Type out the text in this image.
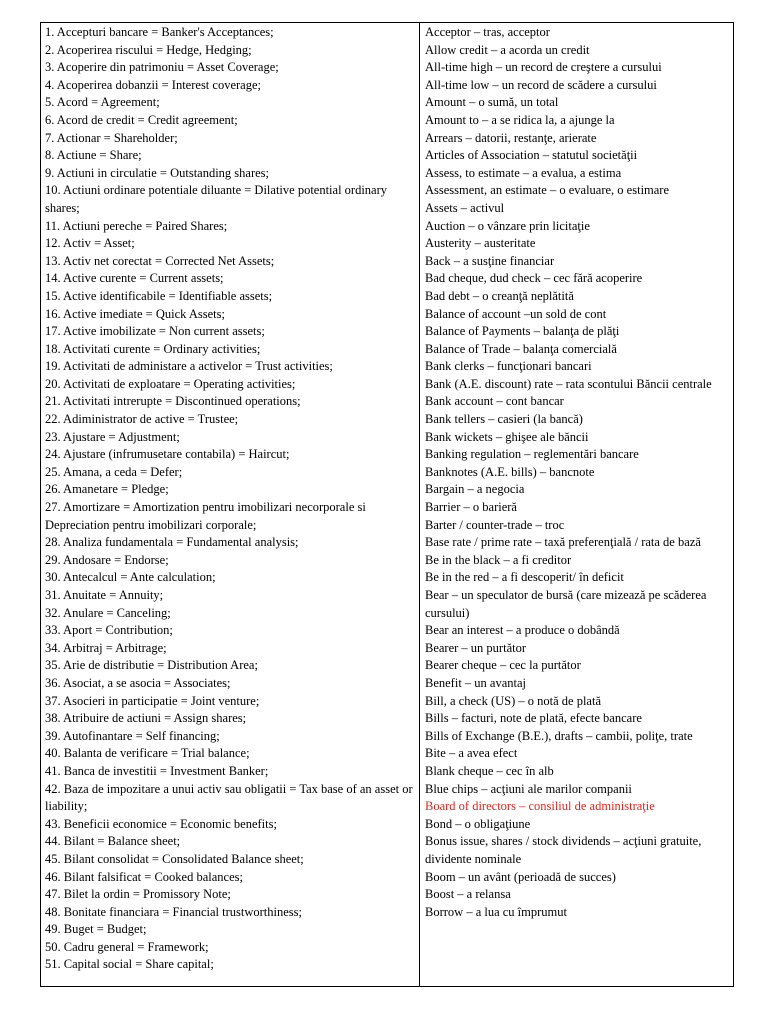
1. Accepturi bancare = Banker's Acceptances;
2. Acoperirea riscului = Hedge, Hedging;
3. Acoperire din patrimoniu = Asset Coverage;
4. Acoperirea dobanzii = Interest coverage;
5. Acord = Agreement;
6. Acord de credit = Credit agreement;
7. Actionar = Shareholder;
8. Actiune = Share;
9. Actiuni in circulatie = Outstanding shares;
10. Actiuni ordinare potentiale diluante = Dilative potential ordinary shares;
11. Actiuni pereche = Paired Shares;
12. Activ = Asset;
13. Activ net corectat = Corrected Net Assets;
14. Active curente = Current assets;
15. Active identificabile = Identifiable assets;
16. Active imediate = Quick Assets;
17. Active imobilizate = Non current assets;
18. Activitati curente = Ordinary activities;
19. Activitati de administare a activelor = Trust activities;
20. Activitati de exploatare = Operating activities;
21. Activitati intrerupte = Discontinued operations;
22. Adiministrator de active = Trustee;
23. Ajustare = Adjustment;
24. Ajustare (infrumusetare contabila) = Haircut;
25. Amana, a ceda = Defer;
26. Amanetare = Pledge;
27. Amortizare = Amortization pentru imobilizari necorporale si Depreciation pentru imobilizari corporale;
28. Analiza fundamentala = Fundamental analysis;
29. Andosare = Endorse;
30. Antecalcul = Ante calculation;
31. Anuitate = Annuity;
32. Anulare = Canceling;
33. Aport = Contribution;
34. Arbitraj = Arbitrage;
35. Arie de distributie = Distribution Area;
36. Asociat, a se asocia = Associates;
37. Asocieri in participatie = Joint venture;
38. Atribuire de actiuni = Assign shares;
39. Autofinantare = Self financing;
40. Balanta de verificare = Trial balance;
41. Banca de investitii = Investment Banker;
42. Baza de impozitare a unui activ sau obligatii = Tax base of an asset or liability;
43. Beneficii economice = Economic benefits;
44. Bilant = Balance sheet;
45. Bilant consolidat = Consolidated Balance sheet;
46. Bilant falsificat = Cooked balances;
47. Bilet la ordin = Promissory Note;
48. Bonitate financiara = Financial trustworthiness;
49. Buget = Budget;
50. Cadru general = Framework;
51. Capital social = Share capital;
Acceptor – tras, acceptor
Allow credit – a acorda un credit
All-time high – un record de creştere a cursului
All-time low – un record de scădere a cursului
Amount – o sumă, un total
Amount to – a se ridica la, a ajunge la
Arrears – datorii, restanţe, arierate
Articles of Association – statutul societăţii
Assess, to estimate – a evalua, a estima
Assessment, an estimate – o evaluare, o estimare
Assets – activul
Auction – o vânzare prin licitaţie
Austerity – austeritate
Back – a susţine financiar
Bad cheque, dud check – cec fără acoperire
Bad debt – o creanţă neplătită
Balance of account –un sold de cont
Balance of Payments – balanţa de plăţi
Balance of Trade – balanţa comercială
Bank clerks – funcţionari bancari
Bank (A.E. discount) rate – rata scontului Băncii centrale
Bank account – cont bancar
Bank tellers – casieri (la bancă)
Bank wickets – ghişee ale băncii
Banking regulation – reglementări bancare
Banknotes (A.E. bills) – bancnote
Bargain – a negocia
Barrier – o barieră
Barter / counter-trade – troc
Base rate / prime rate – taxă preferenţială / rata de bază
Be in the black – a fi creditor
Be in the red – a fi descoperit/ în deficit
Bear – un speculator de bursă (care mizează pe scăderea cursului)
Bear an interest – a produce o dobândă
Bearer – un purtător
Bearer cheque – cec la purtător
Benefit – un avantaj
Bill, a check (US) – o notă de plată
Bills – facturi, note de plată, efecte bancare
Bills of Exchange (B.E.), drafts – cambii, poliţe, trate
Bite – a avea efect
Blank cheque – cec în alb
Blue chips – acţiuni ale marilor companii
Board of directors – consiliul de administraţie
Bond – o obligaţiune
Bonus issue, shares / stock dividends – acţiuni gratuite, dividente nominale
Boom – un avânt (perioadă de succes)
Boost – a relansa
Borrow – a lua cu împrumut
